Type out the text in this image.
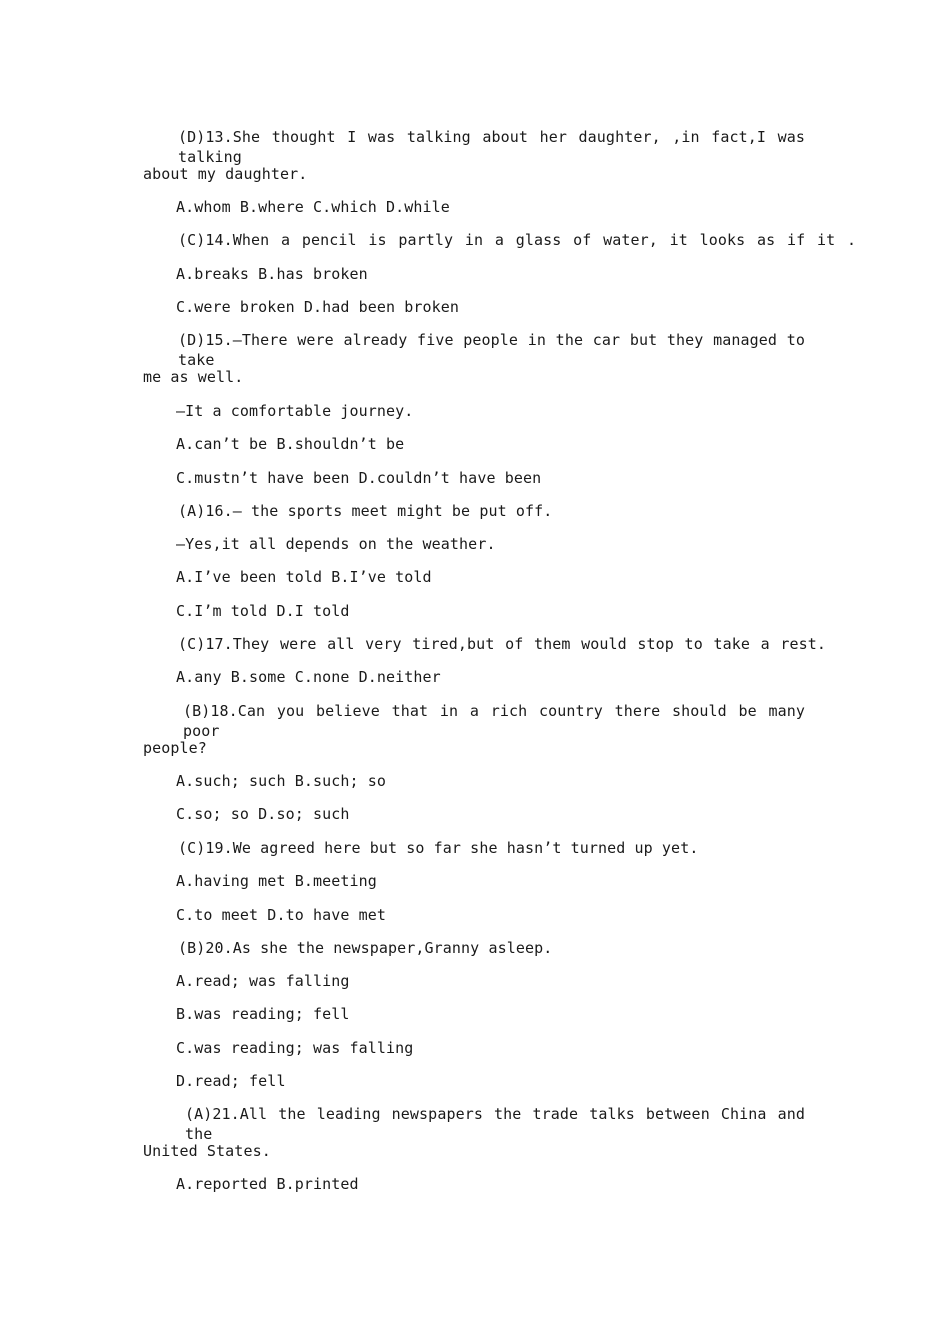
(D)13.She thought I was talking about her daughter, ,in fact,I was talking
about my daughter.
A.whom B.where C.which D.while
(C)14.When a pencil is partly in a glass of water, it looks as if it .
A.breaks B.has broken
C.were broken D.had been broken
(D)15.—There were already five people in the car but they managed to take
me as well.
—It a comfortable journey.
A.can’t be B.shouldn’t be
C.mustn’t have been D.couldn’t have been
(A)16.— the sports meet might be put off.
—Yes,it all depends on the weather.
A.I’ve been told B.I’ve told
C.I’m told D.I told
(C)17.They were all very tired,but of them would stop to take a rest.
A.any B.some C.none D.neither
(B)18.Can you believe that in a rich country there should be many poor
people?
A.such; such B.such; so
C.so; so D.so; such
(C)19.We agreed here but so far she hasn’t turned up yet.
A.having met B.meeting
C.to meet D.to have met
(B)20.As she the newspaper,Granny asleep.
A.read; was falling
B.was reading; fell
C.was reading; was falling
D.read; fell
(A)21.All the leading newspapers the trade talks between China and the
United States.
A.reported B.printed
